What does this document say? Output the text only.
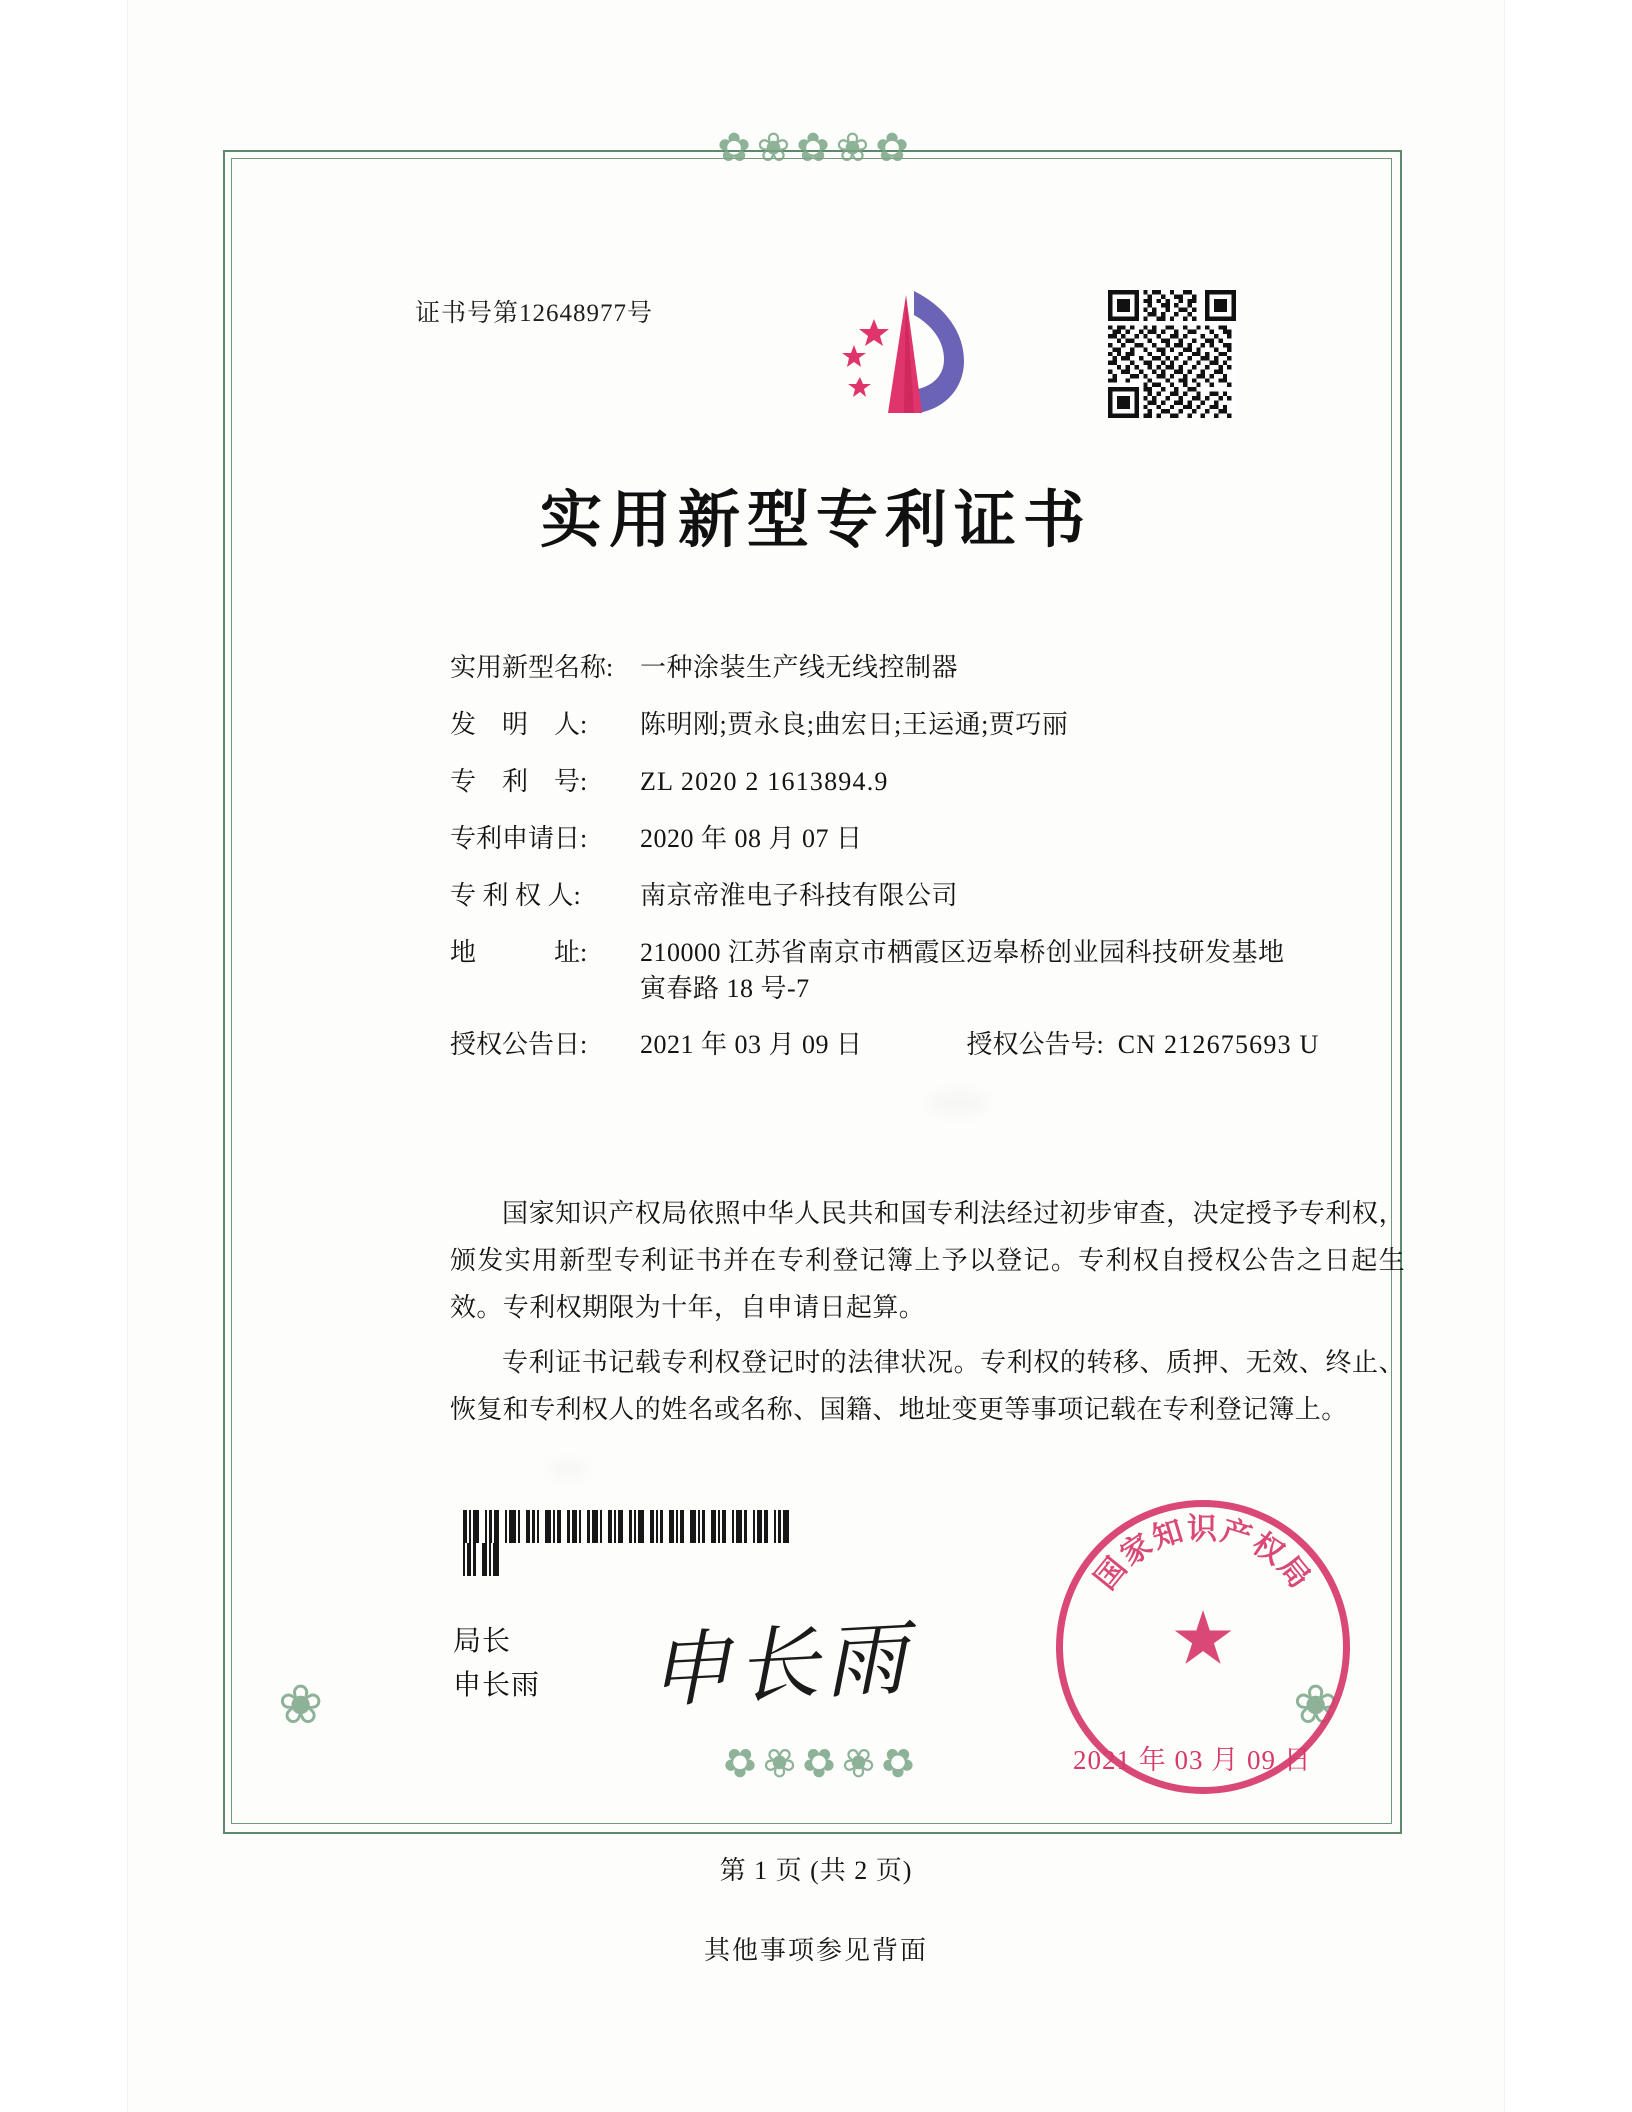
✿❀✿❀✿
✿❀✿❀✿
❀	❀
证书号第12648977号
实用新型专利证书
实用新型名称:	一种涂装生产线无线控制器
发　明　人:	陈明刚;贾永良;曲宏日;王运通;贾巧丽
专　利　号:	ZL 2020 2 1613894.9
专利申请日:	2020 年 08 月 07 日
专 利 权 人:	南京帝淮电子科技有限公司
地　　　址:	210000 江苏省南京市栖霞区迈皋桥创业园科技研发基地
寅春路 18 号-7
授权公告日:	2021 年 03 月 09 日	授权公告号: CN 212675693 U

国家知识产权局依照中华人民共和国专利法经过初步审查，决定授予专利权，颁发实用新型专利证书并在专利登记簿上予以登记。专利权自授权公告之日起生效。专利权期限为十年，自申请日起算。

专利证书记载专利权登记时的法律状况。专利权的转移、质押、无效、终止、恢复和专利权人的姓名或名称、国籍、地址变更等事项记载在专利登记簿上。

局长
申长雨 申长雨
国家知识产权局
★
2021 年 03 月 09 日
第 1 页 (共 2 页)
其他事项参见背面
